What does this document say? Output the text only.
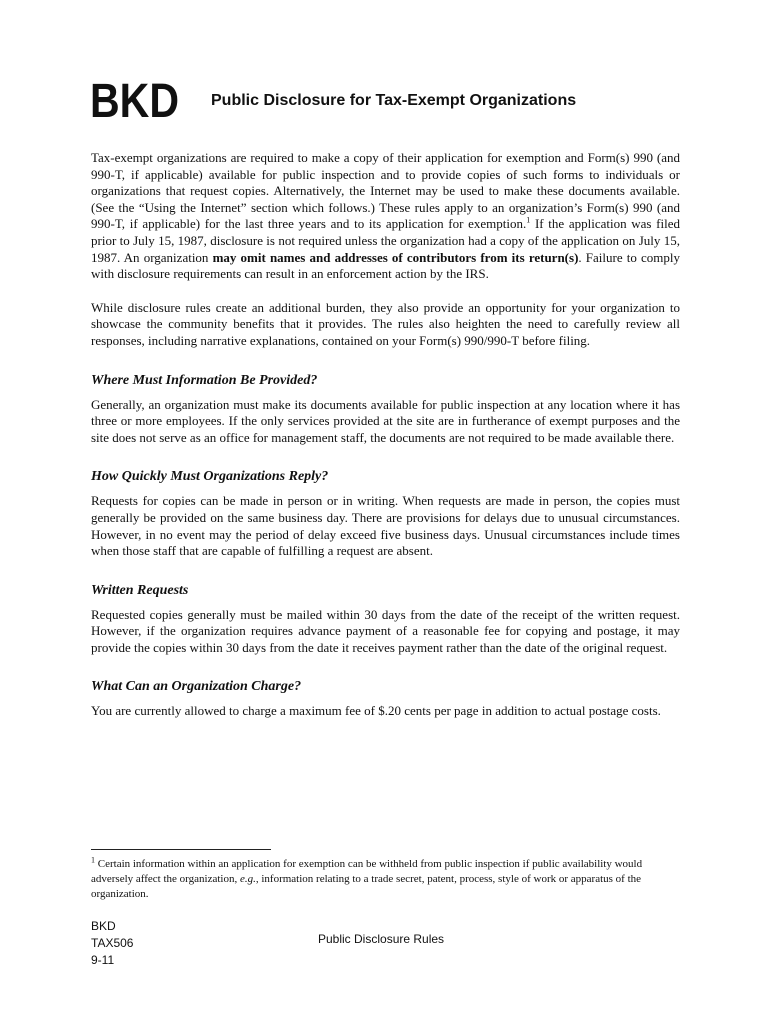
BKD Public Disclosure for Tax-Exempt Organizations

Tax-exempt organizations are required to make a copy of their application for exemption and Form(s) 990 (and 990-T, if applicable) available for public inspection and to provide copies of such forms to individuals or organizations that request copies. Alternatively, the Internet may be used to make these documents available. (See the “Using the Internet” section which follows.) These rules apply to an organization’s Form(s) 990 (and 990-T, if applicable) for the last three years and to its application for exemption.$^1$ If the application was filed prior to July 15, 1987, disclosure is not required unless the organization had a copy of the application on July 15, 1987. An organization may omit names and addresses of contributors from its return(s). Failure to comply with disclosure requirements can result in an enforcement action by the IRS.

While disclosure rules create an additional burden, they also provide an opportunity for your organization to showcase the community benefits that it provides. The rules also heighten the need to carefully review all responses, including narrative explanations, contained on your Form(s) 990/990-T before filing.

Where Must Information Be Provided?

Generally, an organization must make its documents available for public inspection at any location where it has three or more employees. If the only services provided at the site are in furtherance of exempt purposes and the site does not serve as an office for management staff, the documents are not required to be made available there.

How Quickly Must Organizations Reply?

Requests for copies can be made in person or in writing. When requests are made in person, the copies must generally be provided on the same business day. There are provisions for delays due to unusual circumstances. However, in no event may the period of delay exceed five business days. Unusual circumstances include times when those staff that are capable of fulfilling a request are absent.

Written Requests

Requested copies generally must be mailed within 30 days from the date of the receipt of the written request. However, if the organization requires advance payment of a reasonable fee for copying and postage, it may provide the copies within 30 days from the date it receives payment rather than the date of the original request.

What Can an Organization Charge?

You are currently allowed to charge a maximum fee of $.20 cents per page in addition to actual postage costs.

$^1$ Certain information within an application for exemption can be withheld from public inspection if public availability would adversely affect the organization, e.g., information relating to a trade secret, patent, process, style of work or apparatus of the organization.
BKD
TAX506
9-11
Public Disclosure Rules
